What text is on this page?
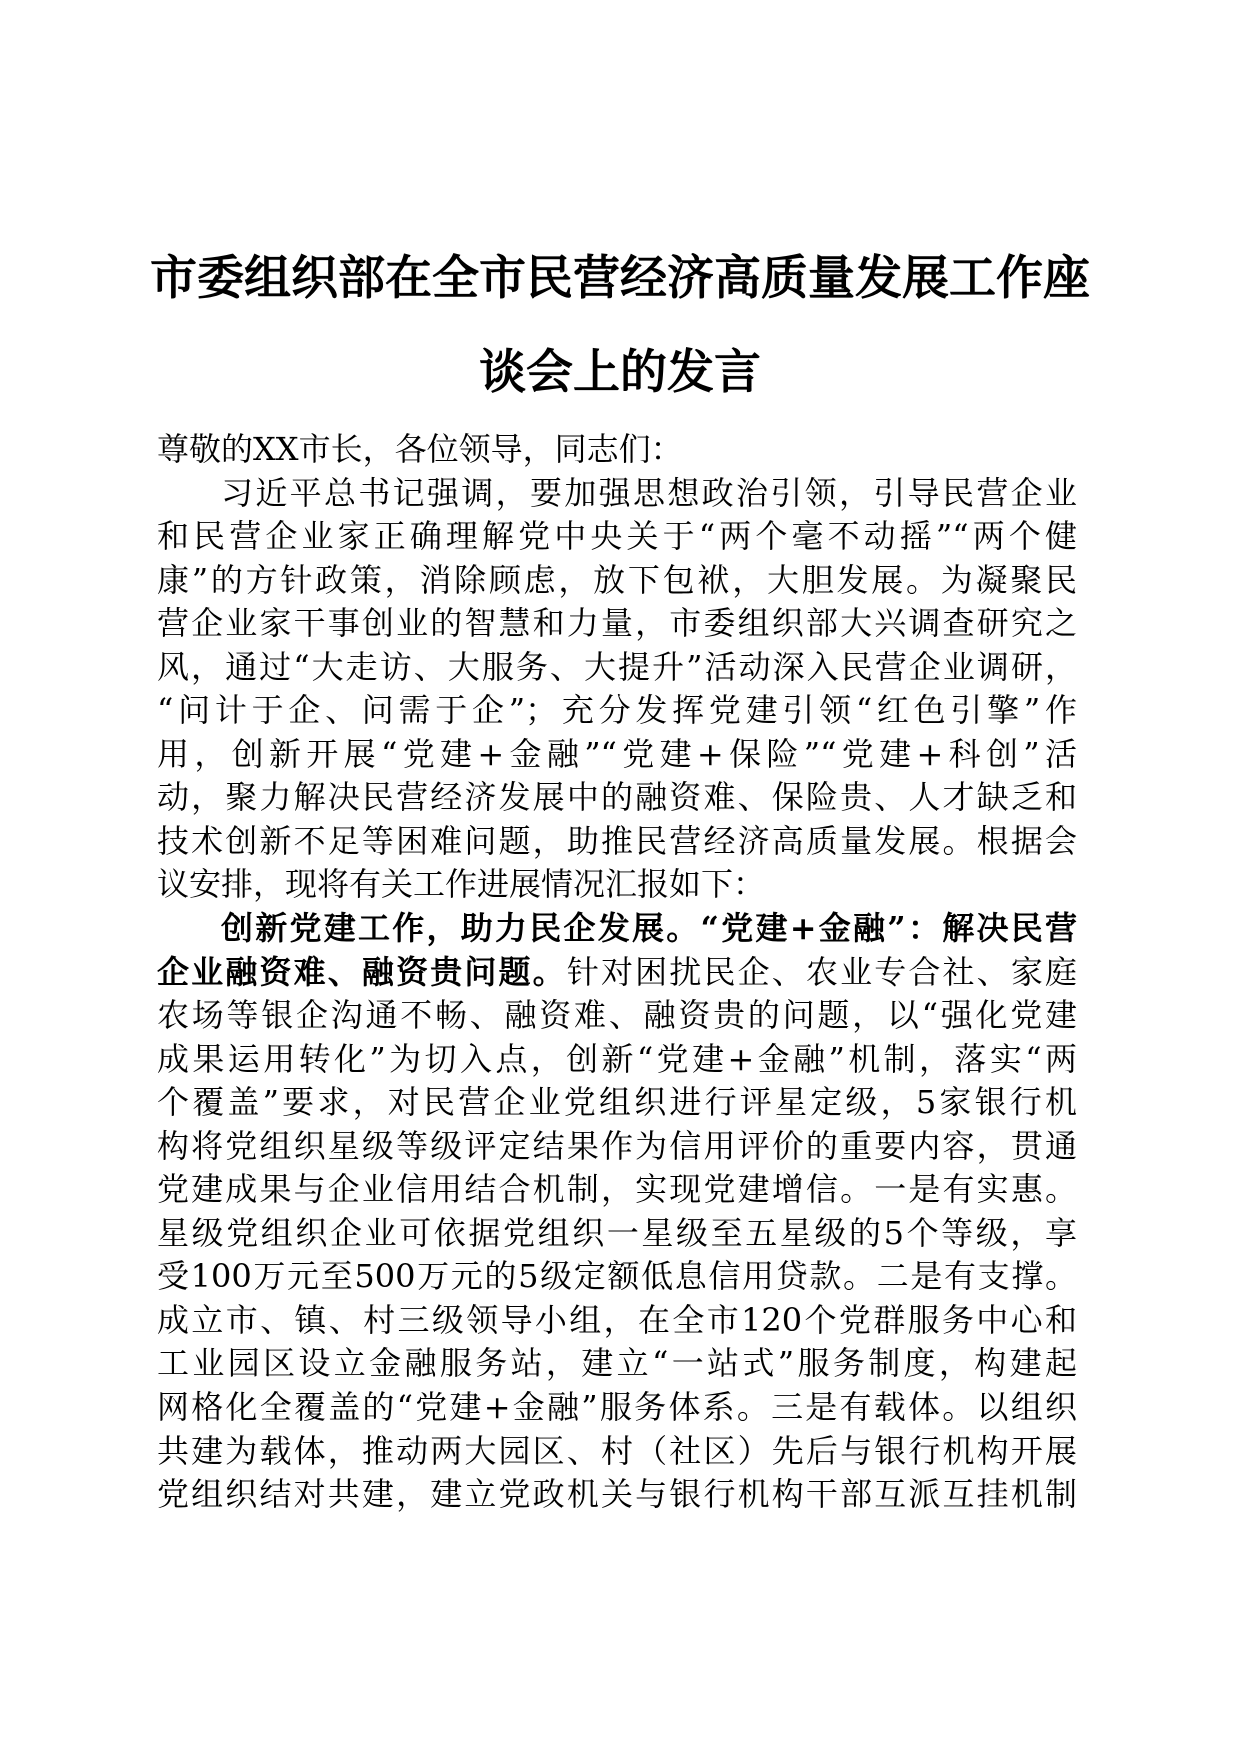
市委组织部在全市民营经济高质量发展工作座
谈会上的发言
尊敬的XX市长，各位领导，同志们：
习近平总书记强调，要加强思想政治引领，引导民营企业
和民营企业家正确理解党中央关于“两个毫不动摇”“两个健
康”的方针政策，消除顾虑，放下包袱，大胆发展。为凝聚民
营企业家干事创业的智慧和力量，市委组织部大兴调查研究之
风，通过“大走访、大服务、大提升”活动深入民营企业调研，
“问计于企、问需于企”；充分发挥党建引领“红色引擎”作
用，创新开展“党建+金融”“党建+保险”“党建+科创”活
动，聚力解决民营经济发展中的融资难、保险贵、人才缺乏和
技术创新不足等困难问题，助推民营经济高质量发展。根据会
议安排，现将有关工作进展情况汇报如下：
创新党建工作，助力民企发展。“党建+金融”：解决民营
企业融资难、融资贵问题。针对困扰民企、农业专合社、家庭
农场等银企沟通不畅、融资难、融资贵的问题，以“强化党建
成果运用转化”为切入点，创新“党建+金融”机制，落实“两
个覆盖”要求，对民营企业党组织进行评星定级，5家银行机
构将党组织星级等级评定结果作为信用评价的重要内容，贯通
党建成果与企业信用结合机制，实现党建增信。一是有实惠。
星级党组织企业可依据党组织一星级至五星级的5个等级，享
受100万元至500万元的5级定额低息信用贷款。二是有支撑。
成立市、镇、村三级领导小组，在全市120个党群服务中心和
工业园区设立金融服务站，建立“一站式”服务制度，构建起
网格化全覆盖的“党建+金融”服务体系。三是有载体。以组织
共建为载体，推动两大园区、村（社区）先后与银行机构开展
党组织结对共建，建立党政机关与银行机构干部互派互挂机制
